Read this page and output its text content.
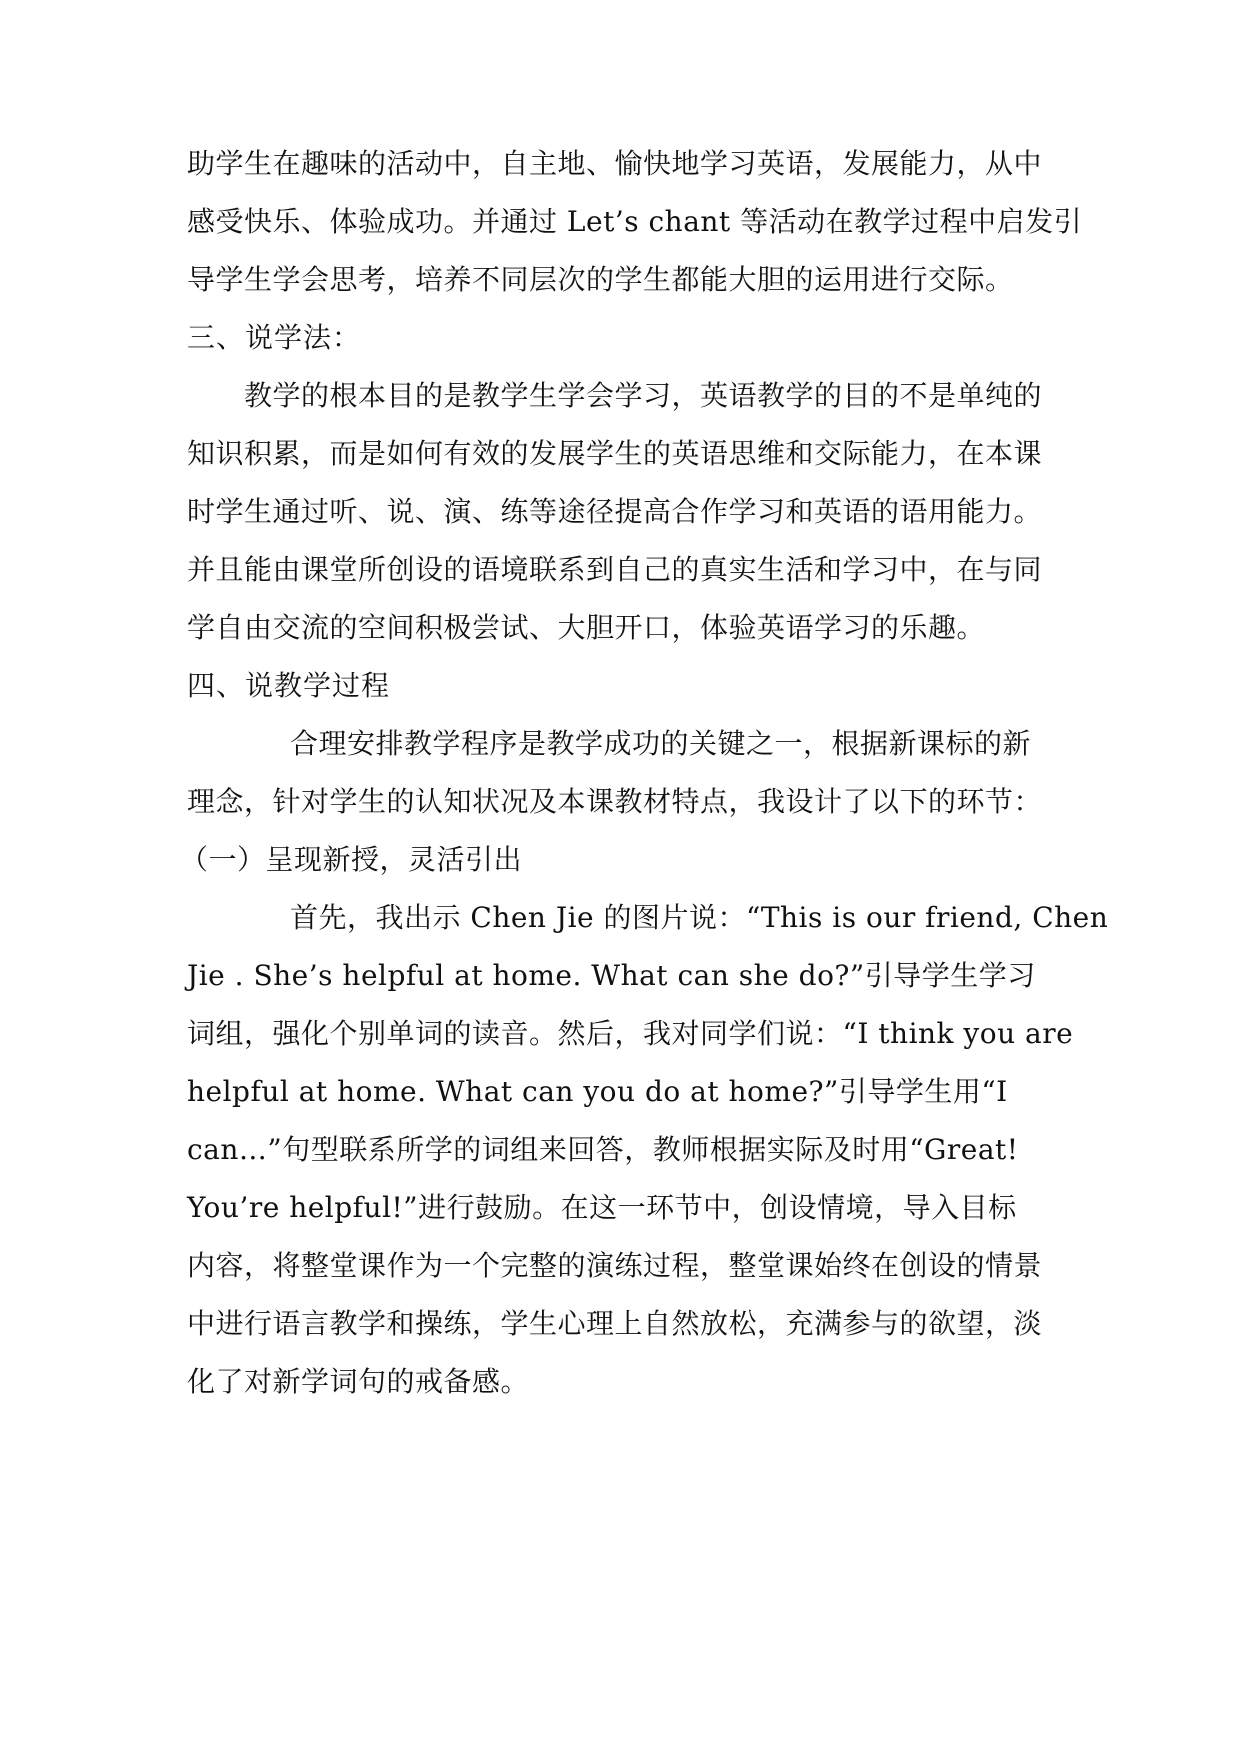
助学生在趣味的活动中，自主地、愉快地学习英语，发展能力，从中
感受快乐、体验成功。并通过 Let’s chant 等活动在教学过程中启发引
导学生学会思考，培养不同层次的学生都能大胆的运用进行交际。
三、说学法：
教学的根本目的是教学生学会学习，英语教学的目的不是单纯的
知识积累，而是如何有效的发展学生的英语思维和交际能力，在本课
时学生通过听、说、演、练等途径提高合作学习和英语的语用能力。
并且能由课堂所创设的语境联系到自己的真实生活和学习中，在与同
学自由交流的空间积极尝试、大胆开口，体验英语学习的乐趣。
四、说教学过程
合理安排教学程序是教学成功的关键之一，根据新课标的新
理念，针对学生的认知状况及本课教材特点，我设计了以下的环节：
（一）呈现新授，灵活引出
首先，我出示 Chen Jie 的图片说：“This is our friend, Chen
Jie . She’s helpful at home. What can she do?”引导学生学习
词组，强化个别单词的读音。然后，我对同学们说：“I think you are
helpful at home. What can you do at home?”引导学生用“I
can…”句型联系所学的词组来回答，教师根据实际及时用“Great!
You’re helpful!”进行鼓励。在这一环节中，创设情境，导入目标
内容，将整堂课作为一个完整的演练过程，整堂课始终在创设的情景
中进行语言教学和操练，学生心理上自然放松，充满参与的欲望，淡
化了对新学词句的戒备感。
